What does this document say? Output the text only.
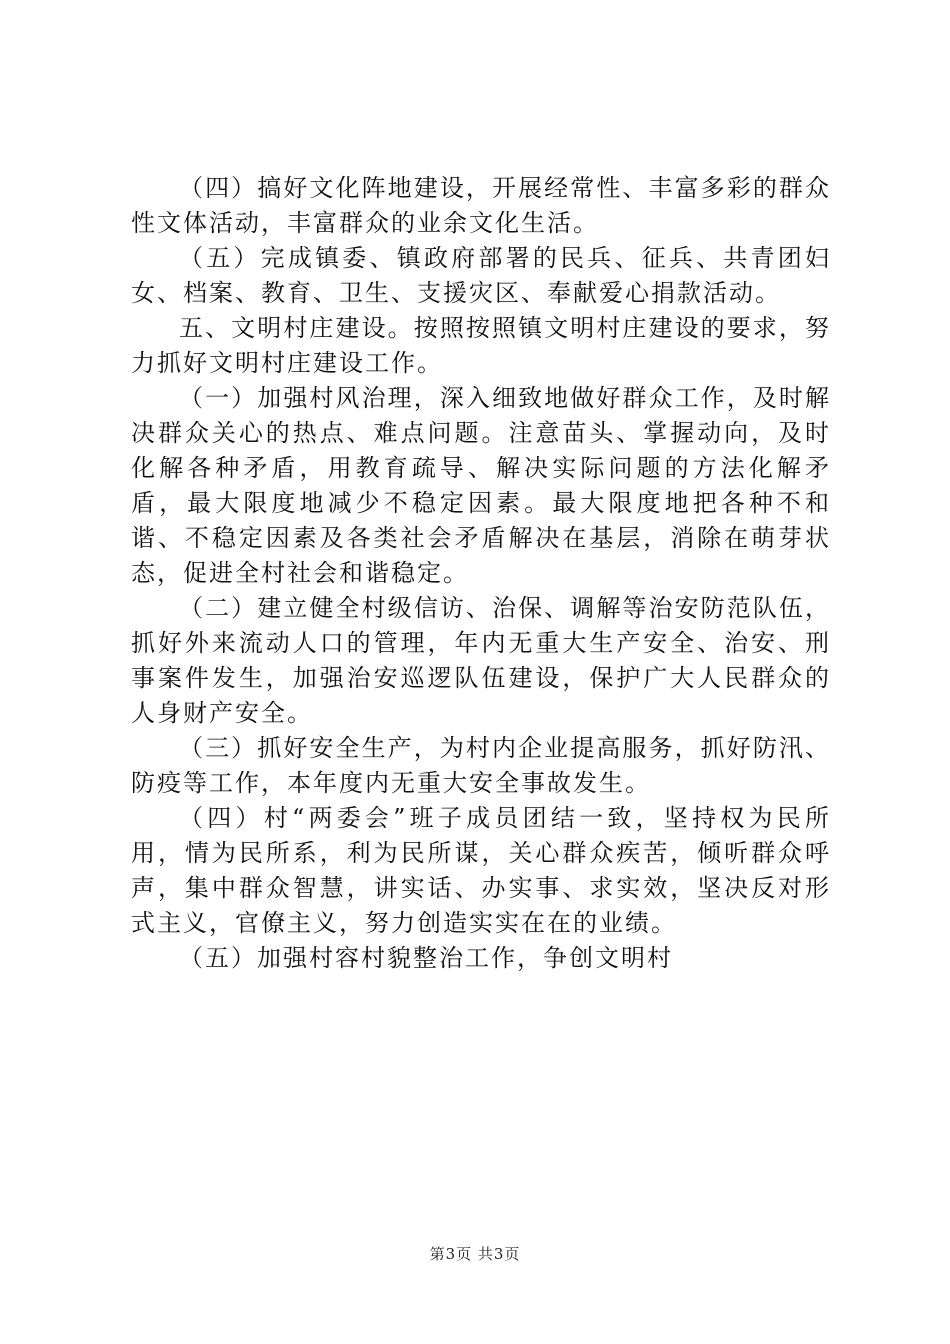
（四）搞好文化阵地建设，开展经常性、丰富多彩的群众性文体活动，丰富群众的业余文化生活。

（五）完成镇委、镇政府部署的民兵、征兵、共青团妇女、档案、教育、卫生、支援灾区、奉献爱心捐款活动。

五、文明村庄建设。按照按照镇文明村庄建设的要求，努力抓好文明村庄建设工作。

（一）加强村风治理，深入细致地做好群众工作，及时解决群众关心的热点、难点问题。注意苗头、掌握动向，及时化解各种矛盾，用教育疏导、解决实际问题的方法化解矛盾，最大限度地减少不稳定因素。最大限度地把各种不和谐、不稳定因素及各类社会矛盾解决在基层，消除在萌芽状态，促进全村社会和谐稳定。

（二）建立健全村级信访、治保、调解等治安防范队伍，抓好外来流动人口的管理，年内无重大生产安全、治安、刑事案件发生，加强治安巡逻队伍建设，保护广大人民群众的人身财产安全。

（三）抓好安全生产，为村内企业提高服务，抓好防汛、防疫等工作，本年度内无重大安全事故发生。

（四）村“两委会”班子成员团结一致，坚持权为民所用，情为民所系，利为民所谋，关心群众疾苦，倾听群众呼声，集中群众智慧，讲实话、办实事、求实效，坚决反对形式主义，官僚主义，努力创造实实在在的业绩。

（五）加强村容村貌整治工作，争创文明村

第3页 共3页
